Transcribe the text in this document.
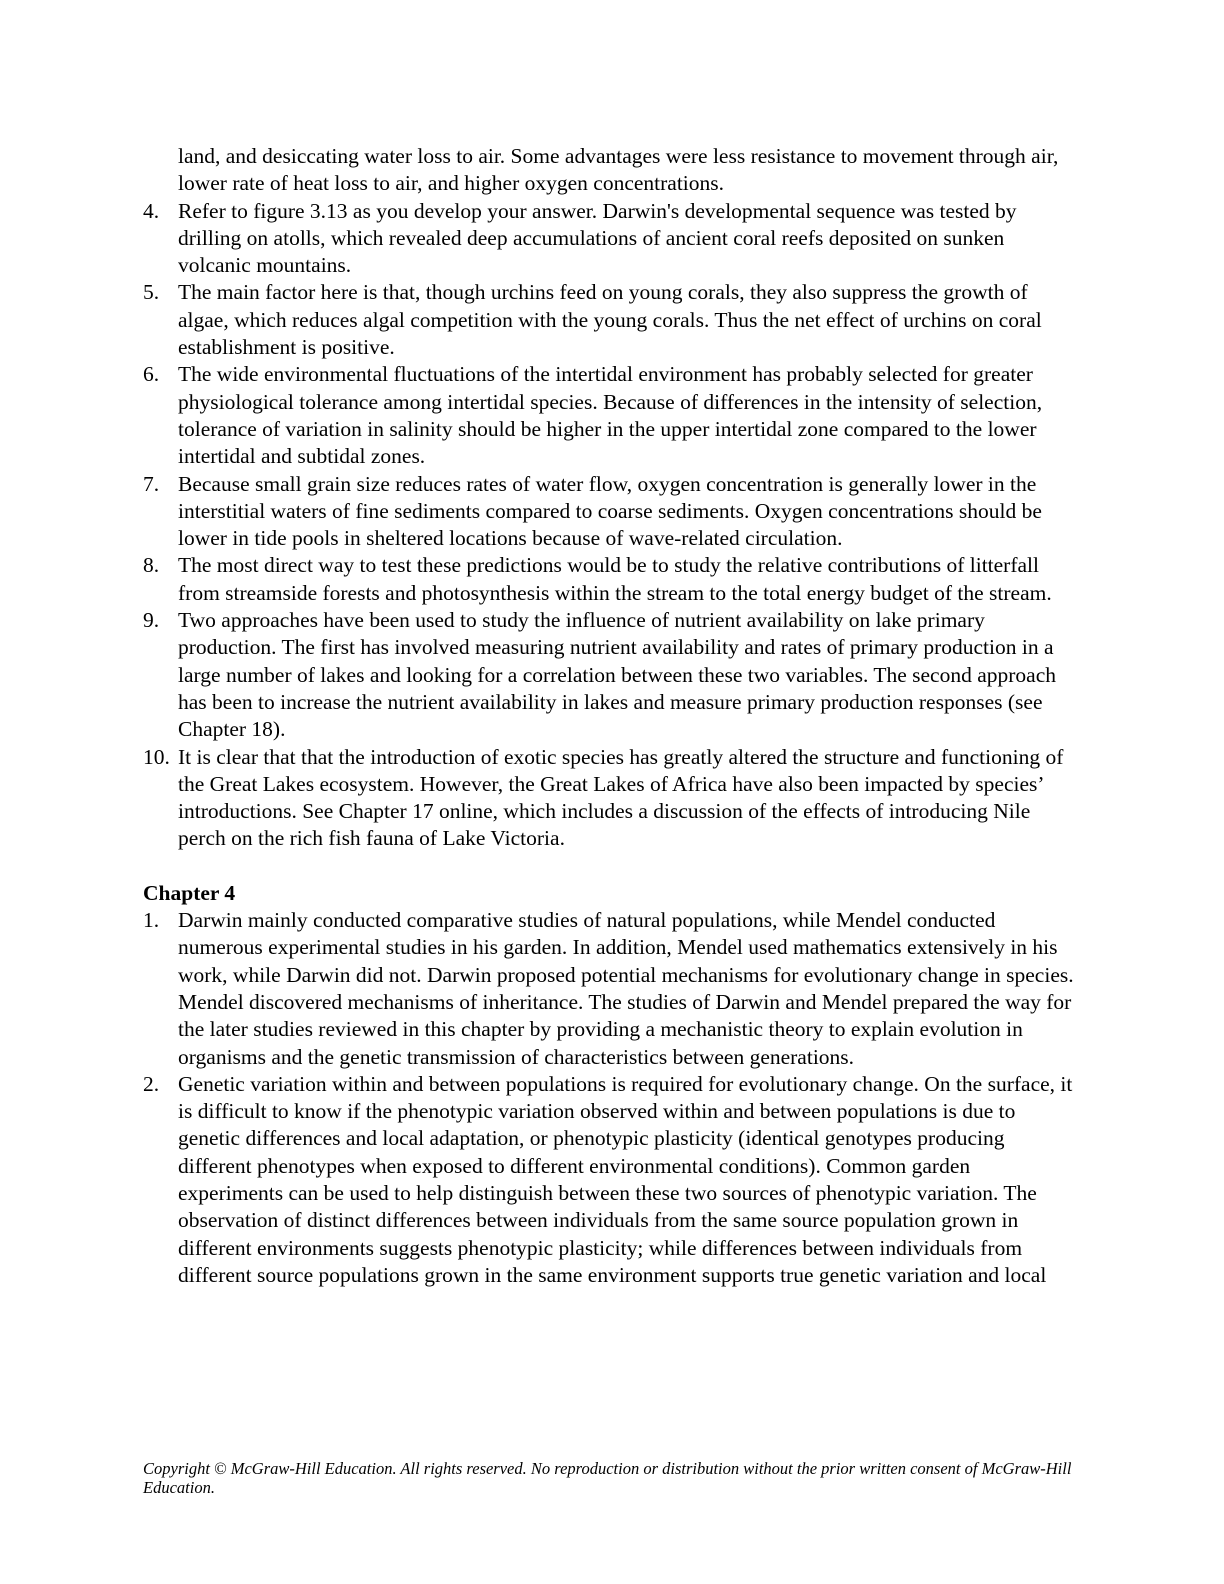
land, and desiccating water loss to air. Some advantages were less resistance to movement through air, lower rate of heat loss to air, and higher oxygen concentrations.

4. Refer to figure 3.13 as you develop your answer. Darwin's developmental sequence was tested by drilling on atolls, which revealed deep accumulations of ancient coral reefs deposited on sunken volcanic mountains.
5. The main factor here is that, though urchins feed on young corals, they also suppress the growth of algae, which reduces algal competition with the young corals. Thus the net effect of urchins on coral establishment is positive.
6. The wide environmental fluctuations of the intertidal environment has probably selected for greater physiological tolerance among intertidal species. Because of differences in the intensity of selection, tolerance of variation in salinity should be higher in the upper intertidal zone compared to the lower intertidal and subtidal zones.
7. Because small grain size reduces rates of water flow, oxygen concentration is generally lower in the interstitial waters of fine sediments compared to coarse sediments. Oxygen concentrations should be lower in tide pools in sheltered locations because of wave-related circulation.
8. The most direct way to test these predictions would be to study the relative contributions of litterfall from streamside forests and photosynthesis within the stream to the total energy budget of the stream.
9. Two approaches have been used to study the influence of nutrient availability on lake primary production. The first has involved measuring nutrient availability and rates of primary production in a large number of lakes and looking for a correlation between these two variables. The second approach has been to increase the nutrient availability in lakes and measure primary production responses (see Chapter 18).
10. It is clear that that the introduction of exotic species has greatly altered the structure and functioning of the Great Lakes ecosystem. However, the Great Lakes of Africa have also been impacted by species’ introductions. See Chapter 17 online, which includes a discussion of the effects of introducing Nile perch on the rich fish fauna of Lake Victoria.
Chapter 4
1. Darwin mainly conducted comparative studies of natural populations, while Mendel conducted numerous experimental studies in his garden. In addition, Mendel used mathematics extensively in his work, while Darwin did not. Darwin proposed potential mechanisms for evolutionary change in species. Mendel discovered mechanisms of inheritance. The studies of Darwin and Mendel prepared the way for the later studies reviewed in this chapter by providing a mechanistic theory to explain evolution in organisms and the genetic transmission of characteristics between generations.
2. Genetic variation within and between populations is required for evolutionary change. On the surface, it is difficult to know if the phenotypic variation observed within and between populations is due to genetic differences and local adaptation, or phenotypic plasticity (identical genotypes producing different phenotypes when exposed to different environmental conditions). Common garden experiments can be used to help distinguish between these two sources of phenotypic variation. The observation of distinct differences between individuals from the same source population grown in different environments suggests phenotypic plasticity; while differences between individuals from different source populations grown in the same environment supports true genetic variation and local
Copyright © McGraw-Hill Education. All rights reserved. No reproduction or distribution without the prior written consent of McGraw-Hill Education.
